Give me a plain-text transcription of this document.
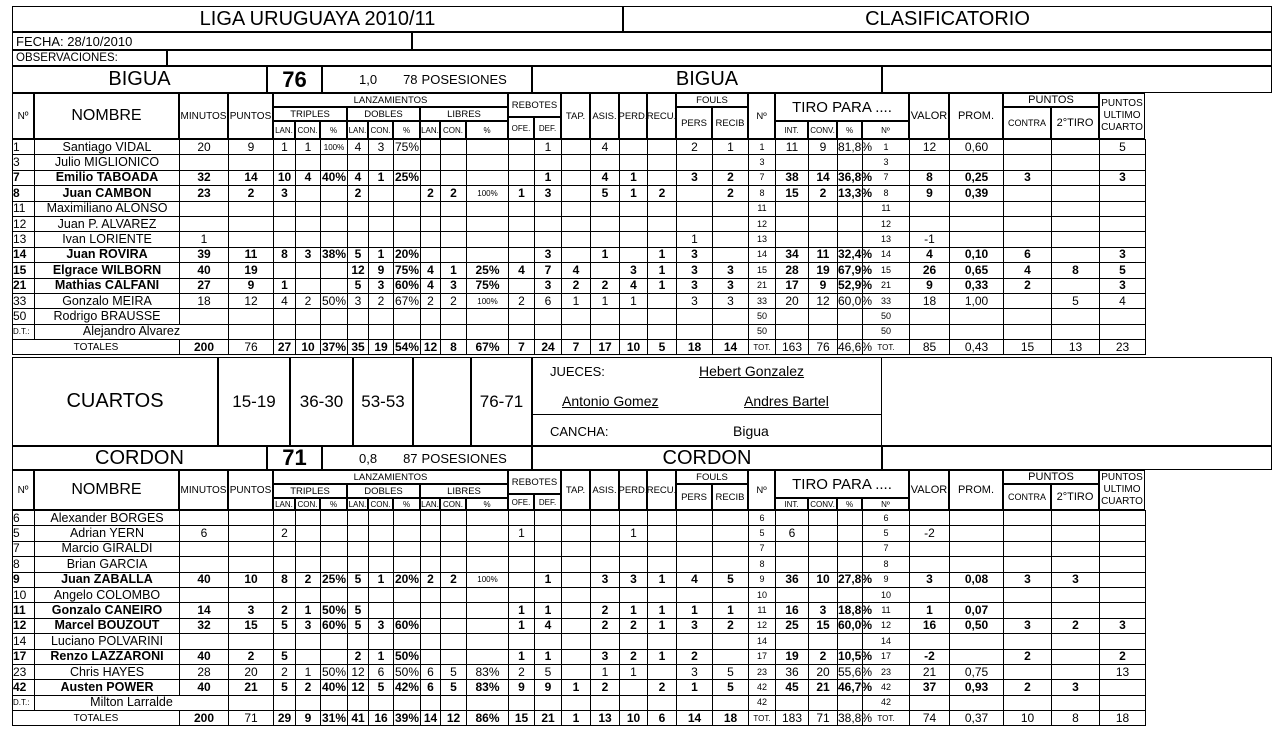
LIGA URUGUAYA 2010/11	CLASIFICATORIO
FECHA: 28/10/2010
OBSERVACIONES:
BIGUA	76	1,0 78 POSESIONES	BIGUA
Nº	NOMBRE	MINUTOS PUNTOS
LANZAMIENTOS
TRIPLES	DOBLES	LIBRES
LAN. CON.	%	LAN. CON.	%	LAN. CON.	%
REBOTES
OFE.	DEF.
TAP. ASIS. PERD. RECU.
FOULS
PERS RECIB
Nº
TIRO PARA ....
INT.	CONV.	%	Nº
VALOR PROM.
PUNTOS
CONTRA 2°TIRO
PUNTOS ULTIMO CUARTO
1	Santiago VIDAL	20	9	1	1	100%	4	3	75%					1		4			2	1	1	11	9	81,8%	1	12	0,60			5
3	Julio MIGLIONICO																				3				3					
7	Emilio TABOADA	32	14	10	4	40%	4	1	25%					1		4	1		3	2	7	38	14	36,8%	7	8	0,25	3		3
8	Juan CAMBON	23	2	3			2			2	2	100%	1	3		5	1	2		2	8	15	2	13,3%	8	9	0,39			
11	Maximiliano ALONSO																				11				11					
12	Juan P. ALVAREZ																				12				12					
13	Ivan LORIENTE	1																	1		13				13	-1				
14	Juan ROVIRA	39	11	8	3	38%	5	1	20%					3		1		1	3		14	34	11	32,4%	14	4	0,10	6		3
15	Elgrace WILBORN	40	19				12	9	75%	4	1	25%	4	7	4		3	1	3	3	15	28	19	67,9%	15	26	0,65	4	8	5
21	Mathias CALFANI	27	9	1			5	3	60%	4	3	75%		3	2	2	4	1	3	3	21	17	9	52,9%	21	9	0,33	2		3
33	Gonzalo MEIRA	18	12	4	2	50%	3	2	67%	2	2	100%	2	6	1	1	1		3	3	33	20	12	60,0%	33	18	1,00		5	4
50	Rodrigo BRAUSSE																				50				50					
D.T.:	Alejandro Alvarez																				50				50					
TOTALES		200	76	27	10	37%	35	19	54%	12	8	67%	7	24	7	17	10	5	18	14	TOT.	163	76	46,6%	TOT.	85	0,43	15	13	23
CUARTOS	15-19	36-30	53-53	76-71
JUECES:	Hebert Gonzalez
Antonio Gomez	Andres Bartel
CANCHA:	Bigua
CORDON	71	0,8 87 POSESIONES	CORDON
Nº	NOMBRE	MINUTOS PUNTOS
LANZAMIENTOS
TRIPLES	DOBLES	LIBRES
LAN. CON.	%	LAN. CON.	%	LAN. CON.	%
REBOTES
OFE.	DEF.
TAP. ASIS. PERD. RECU.
FOULS
PERS RECIB
Nº	TIRO PARA ....
INT.	CONV.	%	Nº
VALOR PROM.
PUNTOS
CONTRA 2°TIRO
PUNTOS ULTIMO CUARTO
6	Alexander BORGES																				6				6					
5	Adrian YERN	6		2									1				1				5	6			5	-2				
7	Marcio GIRALDI																				7				7					
8	Brian GARCIA																				8				8					
9	Juan ZABALLA	40	10	8	2	25%	5	1	20%	2	2	100%		1		3	3	1	4	5	9	36	10	27,8%	9	3	0,08	3	3	
10	Angelo COLOMBO																				10				10					
11	Gonzalo CANEIRO	14	3	2	1	50%	5						1	1		2	1	1	1	1	11	16	3	18,8%	11	1	0,07			
12	Marcel BOUZOUT	32	15	5	3	60%	5	3	60%				1	4		2	2	1	3	2	12	25	15	60,0%	12	16	0,50	3	2	3
14	Luciano POLVARINI																				14				14					
17	Renzo LAZZARONI	40	2	5			2	1	50%				1	1		3	2	1	2		17	19	2	10,5%	17	-2		2		2
23	Chris HAYES	28	20	2	1	50%	12	6	50%	6	5	83%	2	5		1	1		3	5	23	36	20	55,6%	23	21	0,75			13
42	Austen POWER	40	21	5	2	40%	12	5	42%	6	5	83%	9	9	1	2		2	1	5	42	45	21	46,7%	42	37	0,93	2	3	
D.T.:	Milton Larralde																				42				42					
TOTALES		200	71	29	9	31%	41	16	39%	14	12	86%	15	21	1	13	10	6	14	18	TOT.	183	71	38,8%	TOT.	74	0,37	10	8	18
